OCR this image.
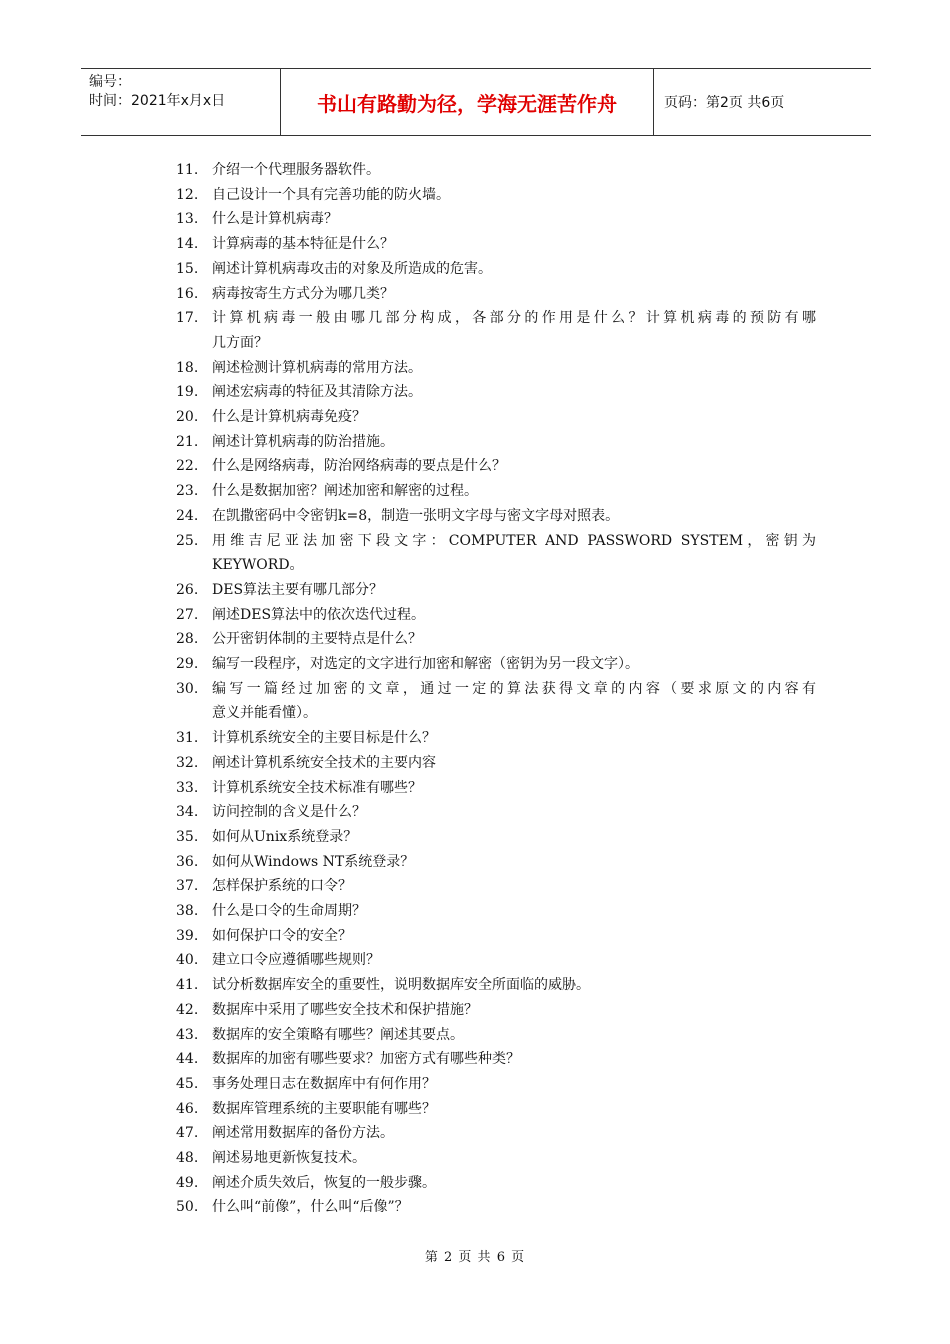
编号：
时间：2021年x月x日	书山有路勤为径，学海无涯苦作舟	页码：第2页 共6页
11. 介绍一个代理服务器软件。
12. 自己设计一个具有完善功能的防火墙。
13. 什么是计算机病毒？
14. 计算病毒的基本特征是什么？
15. 阐述计算机病毒攻击的对象及所造成的危害。
16. 病毒按寄生方式分为哪几类？
17. 计算机病毒一般由哪几部分构成，各部分的作用是什么？计算机病毒的预防有哪
几方面？
18. 阐述检测计算机病毒的常用方法。
19. 阐述宏病毒的特征及其清除方法。
20. 什么是计算机病毒免疫？
21. 阐述计算机病毒的防治措施。
22. 什么是网络病毒，防治网络病毒的要点是什么？
23. 什么是数据加密？阐述加密和解密的过程。
24. 在凯撒密码中令密钥k=8，制造一张明文字母与密文字母对照表。
25. 用维吉尼亚法加密下段文字：COMPUTER AND PASSWORD SYSTEM，密钥为
KEYWORD。
26. DES算法主要有哪几部分？
27. 阐述DES算法中的依次迭代过程。
28. 公开密钥体制的主要特点是什么？
29. 编写一段程序，对选定的文字进行加密和解密（密钥为另一段文字）。
30. 编写一篇经过加密的文章，通过一定的算法获得文章的内容（要求原文的内容有
意义并能看懂）。
31. 计算机系统安全的主要目标是什么？
32. 阐述计算机系统安全技术的主要内容
33. 计算机系统安全技术标准有哪些？
34. 访问控制的含义是什么？
35. 如何从Unix系统登录？
36. 如何从Windows NT系统登录？
37. 怎样保护系统的口令？
38. 什么是口令的生命周期？
39. 如何保护口令的安全？
40. 建立口令应遵循哪些规则？
41. 试分析数据库安全的重要性，说明数据库安全所面临的威胁。
42. 数据库中采用了哪些安全技术和保护措施？
43. 数据库的安全策略有哪些？阐述其要点。
44. 数据库的加密有哪些要求？加密方式有哪些种类？
45. 事务处理日志在数据库中有何作用？
46. 数据库管理系统的主要职能有哪些？
47. 阐述常用数据库的备份方法。
48. 阐述易地更新恢复技术。
49. 阐述介质失效后，恢复的一般步骤。
50. 什么叫“前像”，什么叫“后像”？
第 2 页 共 6 页
